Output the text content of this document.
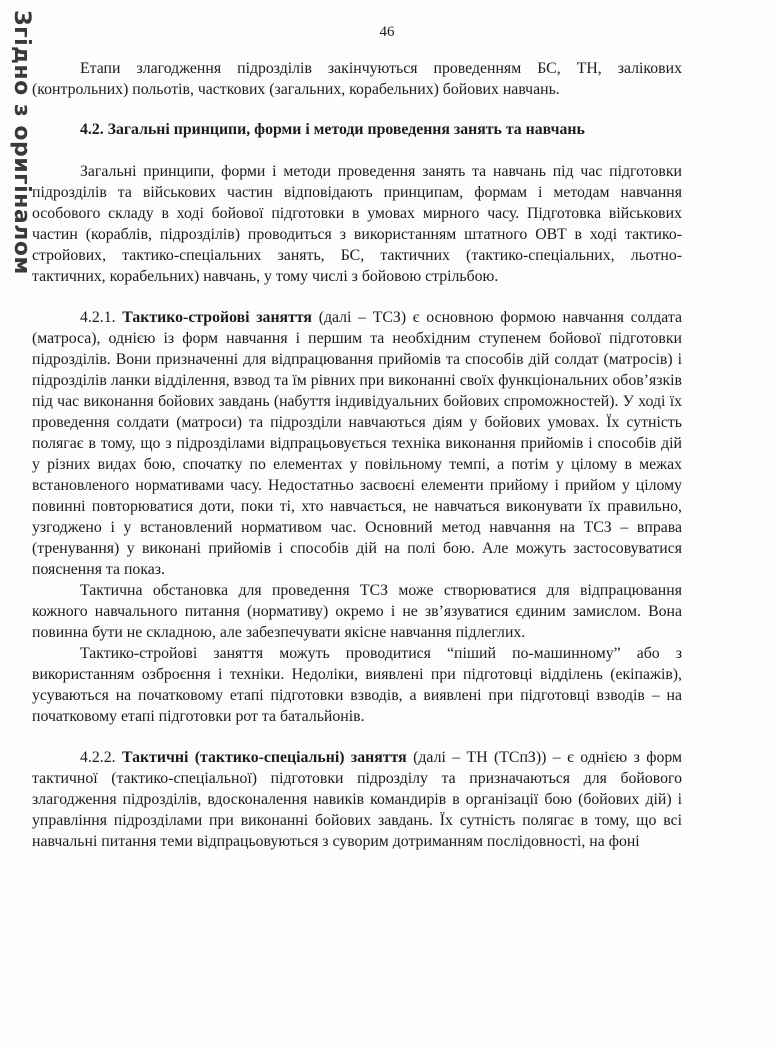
Згідно з оригіналом	46

Етапи злагодження підрозділів закінчуються проведенням БС, ТН, залікових (контрольних) польотів, часткових (загальних, корабельних) бойових навчань.

4.2. Загальні принципи, форми і методи проведення занять та навчань

Загальні принципи, форми і методи проведення занять та навчань під час підготовки підрозділів та військових частин відповідають принципам, формам і методам навчання особового складу в ході бойової підготовки в умовах мирного часу. Підготовка військових частин (кораблів, підрозділів) проводиться з використанням штатного ОВТ в ході тактико-стройових, тактико-спеціальних занять, БС, тактичних (тактико-спеціальних, льотно-тактичних, корабельних) навчань, у тому числі з бойовою стрільбою.

4.2.1. Тактико-стройові заняття (далі – ТСЗ) є основною формою навчання солдата (матроса), однією із форм навчання і першим та необхідним ступенем бойової підготовки підрозділів. Вони призначенні для відпрацювання прийомів та способів дій солдат (матросів) і підрозділів ланки відділення, взвод та їм рівних при виконанні своїх функціональних обов’язків під час виконання бойових завдань (набуття індивідуальних бойових спроможностей). У ході їх проведення солдати (матроси) та підрозділи навчаються діям у бойових умовах. Їх сутність полягає в тому, що з підрозділами відпрацьовується техніка виконання прийомів і способів дій у різних видах бою, спочатку по елементах у повільному темпі, а потім у цілому в межах встановленого нормативами часу. Недостатньо засвоєні елементи прийому і прийом у цілому повинні повторюватися доти, поки ті, хто навчається, не навчаться виконувати їх правильно, узгоджено і у встановлений нормативом час. Основний метод навчання на ТСЗ – вправа (тренування) у виконані прийомів і способів дій на полі бою. Але можуть застосовуватися пояснення та показ.

Тактична обстановка для проведення ТСЗ може створюватися для відпрацювання кожного навчального питання (нормативу) окремо і не зв’язуватися єдиним замислом. Вона повинна бути не складною, але забезпечувати якісне навчання підлеглих.

Тактико-стройові заняття можуть проводитися “піший по-машинному” або з використанням озброєння і техніки. Недоліки, виявлені при підготовці відділень (екіпажів), усуваються на початковому етапі підготовки взводів, а виявлені при підготовці взводів – на початковому етапі підготовки рот та батальйонів.

4.2.2. Тактичні (тактико-спеціальні) заняття (далі – ТН (ТСпЗ)) – є однією з форм тактичної (тактико-спеціальної) підготовки підрозділу та призначаються для бойового злагодження підрозділів, вдосконалення навиків командирів в організації бою (бойових дій) і управління підрозділами при виконанні бойових завдань. Їх сутність полягає в тому, що всі навчальні питання теми відпрацьовуються з суворим дотриманням послідовності, на фоні
